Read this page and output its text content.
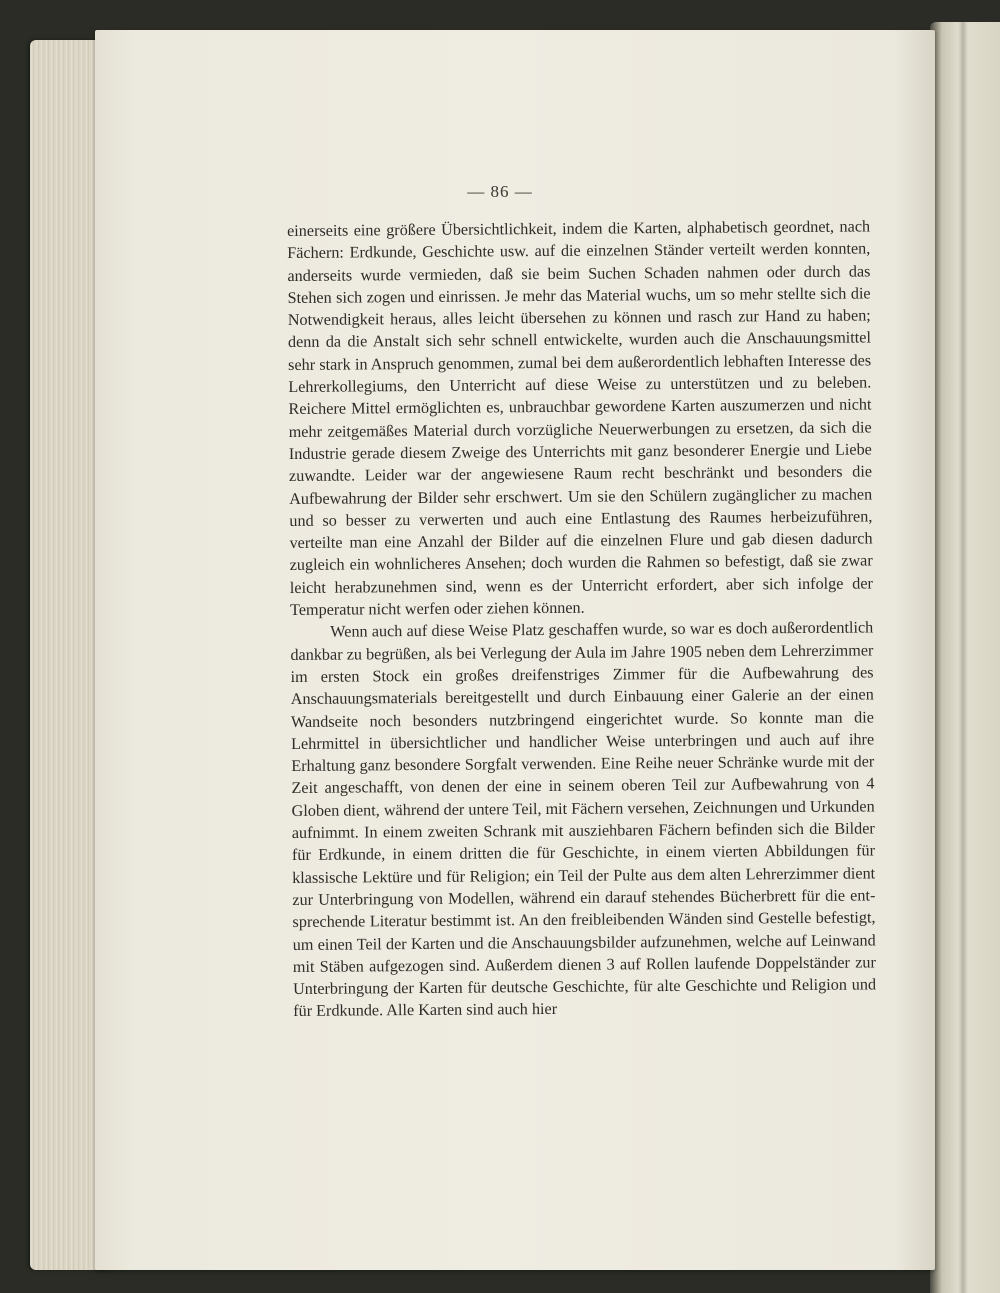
— 86 —

einerseits eine größere Übersichtlichkeit, indem die Karten, alphabetisch geordnet, nach Fächern: Erdkunde, Geschichte usw. auf die einzelnen Ständer verteilt werden konnten, anderseits wurde vermieden, daß sie beim Suchen Schaden nahmen oder durch das Stehen sich zogen und einrissen. Je mehr das Material wuchs, um so mehr stellte sich die Notwendigkeit heraus, alles leicht übersehen zu können und rasch zur Hand zu haben; denn da die Anstalt sich sehr schnell entwickelte, wurden auch die Anschauungsmittel sehr stark in Anspruch genommen, zumal bei dem außerordentlich lebhaften Interesse des Lehrerkollegiums, den Unterricht auf diese Weise zu unterstützen und zu beleben. Reichere Mittel ermöglichten es, unbrauchbar gewordene Karten auszumerzen und nicht mehr zeitgemäßes Material durch vorzügliche Neuerwerbungen zu ersetzen, da sich die Industrie gerade diesem Zweige des Unterrichts mit ganz besonderer Energie und Liebe zuwandte. Leider war der angewiesene Raum recht beschränkt und besonders die Aufbewahrung der Bilder sehr erschwert. Um sie den Schülern zugänglicher zu machen und so besser zu verwerten und auch eine Entlastung des Raumes herbeizuführen, verteilte man eine Anzahl der Bilder auf die einzelnen Flure und gab diesen dadurch zugleich ein wohnlicheres Ansehen; doch wurden die Rahmen so befestigt, daß sie zwar leicht herabzunehmen sind, wenn es der Unterricht erfordert, aber sich infolge der Temperatur nicht werfen oder ziehen können.

Wenn auch auf diese Weise Platz geschaffen wurde, so war es doch außerordentlich dankbar zu begrüßen, als bei Verlegung der Aula im Jahre 1905 neben dem Lehrerzimmer im ersten Stock ein großes dreifenstriges Zimmer für die Aufbewahrung des Anschauungsmaterials bereitgestellt und durch Einbauung einer Galerie an der einen Wandseite noch besonders nutzbringend eingerichtet wurde. So konnte man die Lehrmittel in übersichtlicher und handlicher Weise unterbringen und auch auf ihre Erhaltung ganz besondere Sorgfalt verwenden. Eine Reihe neuer Schränke wurde mit der Zeit angeschafft, von denen der eine in seinem oberen Teil zur Aufbewahrung von 4 Globen dient, während der untere Teil, mit Fächern versehen, Zeichnungen und Urkunden aufnimmt. In einem zweiten Schrank mit ausziehbaren Fächern befinden sich die Bilder für Erdkunde, in einem dritten die für Geschichte, in einem vierten Abbildungen für klassische Lektüre und für Religion; ein Teil der Pulte aus dem alten Lehrerzimmer dient zur Unterbringung von Modellen, während ein darauf stehendes Bücherbrett für die entsprechende Literatur bestimmt ist. An den freibleibenden Wänden sind Gestelle befestigt, um einen Teil der Karten und die Anschauungsbilder aufzunehmen, welche auf Leinwand mit Stäben aufgezogen sind. Außerdem dienen 3 auf Rollen laufende Doppelständer zur Unterbringung der Karten für deutsche Geschichte, für alte Geschichte und Religion und für Erdkunde. Alle Karten sind auch hier
